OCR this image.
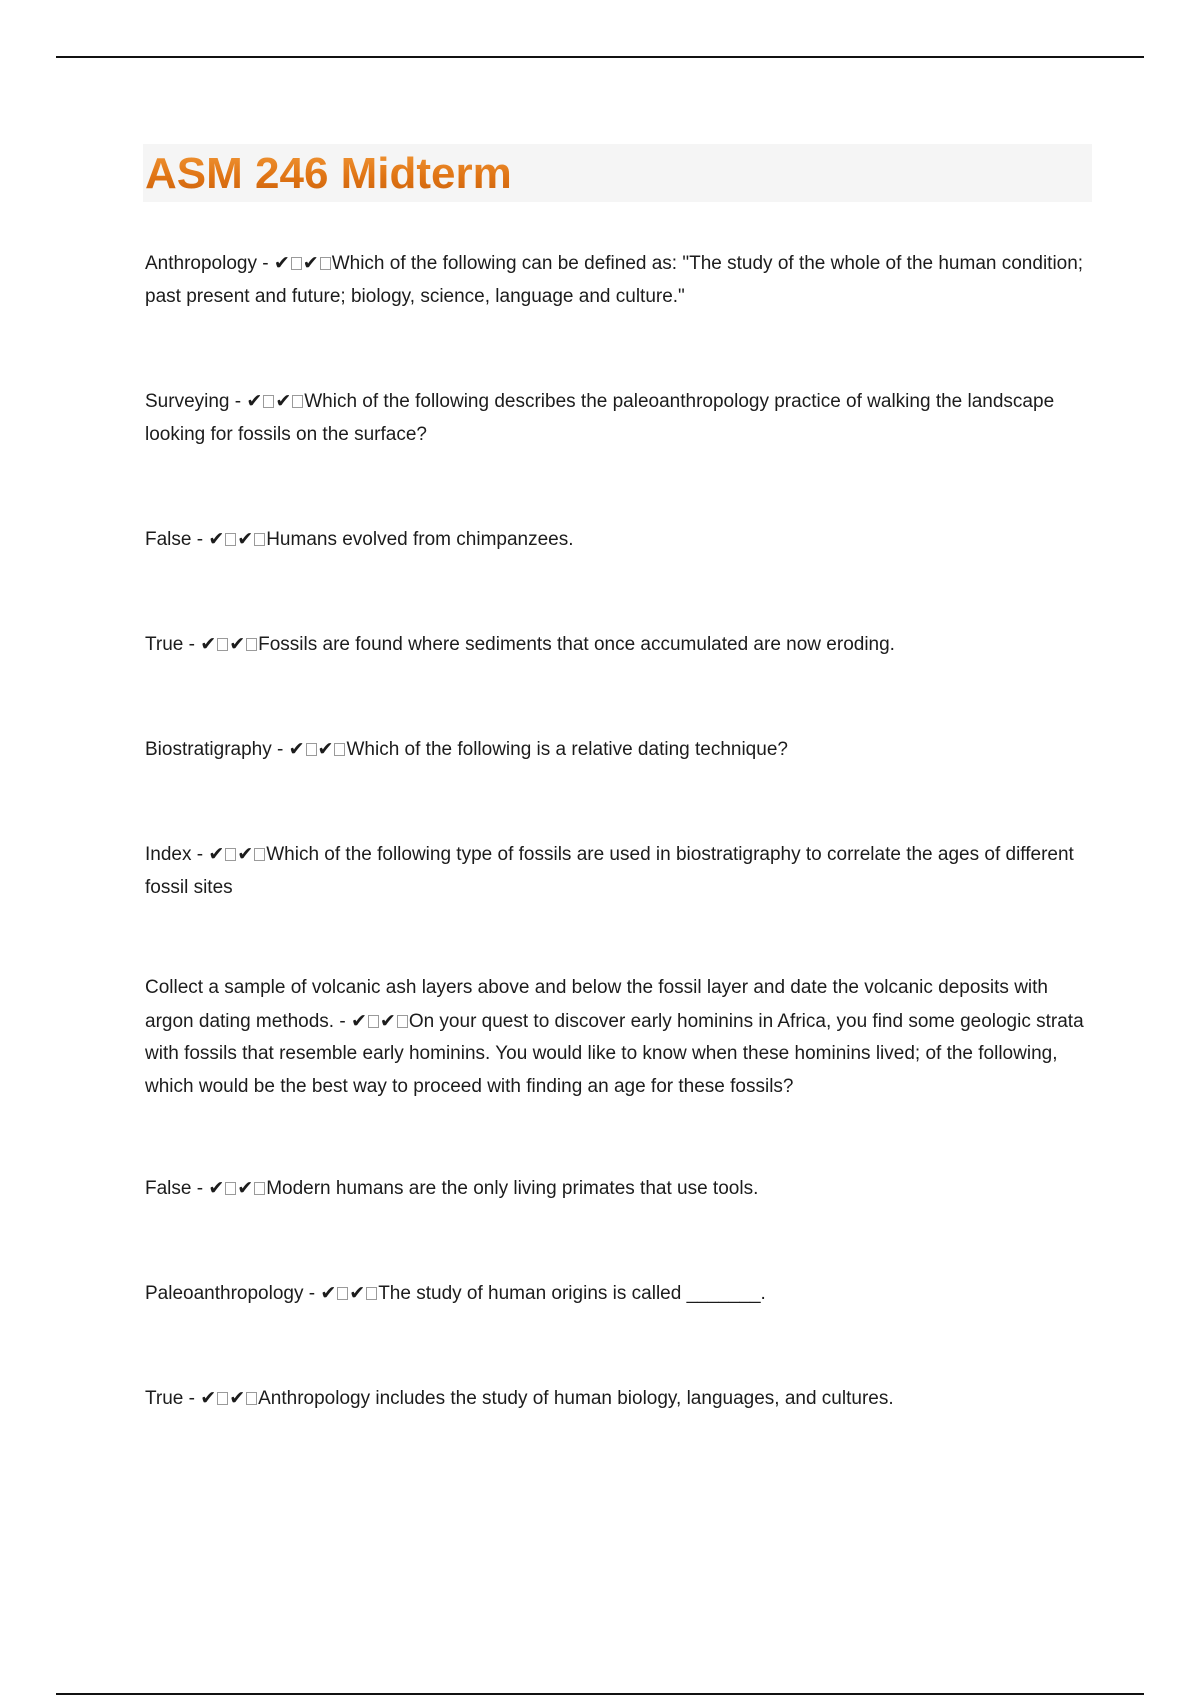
ASM 246 Midterm

Anthropology - ✔ ✔ Which of the following can be defined as: "The study of the whole of the human condition; past present and future; biology, science, language and culture."

Surveying - ✔ ✔ Which of the following describes the paleoanthropology practice of walking the landscape looking for fossils on the surface?

False - ✔ ✔ Humans evolved from chimpanzees.

True - ✔ ✔ Fossils are found where sediments that once accumulated are now eroding.

Biostratigraphy - ✔ ✔ Which of the following is a relative dating technique?

Index - ✔ ✔ Which of the following type of fossils are used in biostratigraphy to correlate the ages of different fossil sites

Collect a sample of volcanic ash layers above and below the fossil layer and date the volcanic deposits with argon dating methods. - ✔ ✔ On your quest to discover early hominins in Africa, you find some geologic strata with fossils that resemble early hominins. You would like to know when these hominins lived; of the following, which would be the best way to proceed with finding an age for these fossils?

False - ✔ ✔ Modern humans are the only living primates that use tools.

Paleoanthropology - ✔ ✔ The study of human origins is called _______.

True - ✔ ✔ Anthropology includes the study of human biology, languages, and cultures.
